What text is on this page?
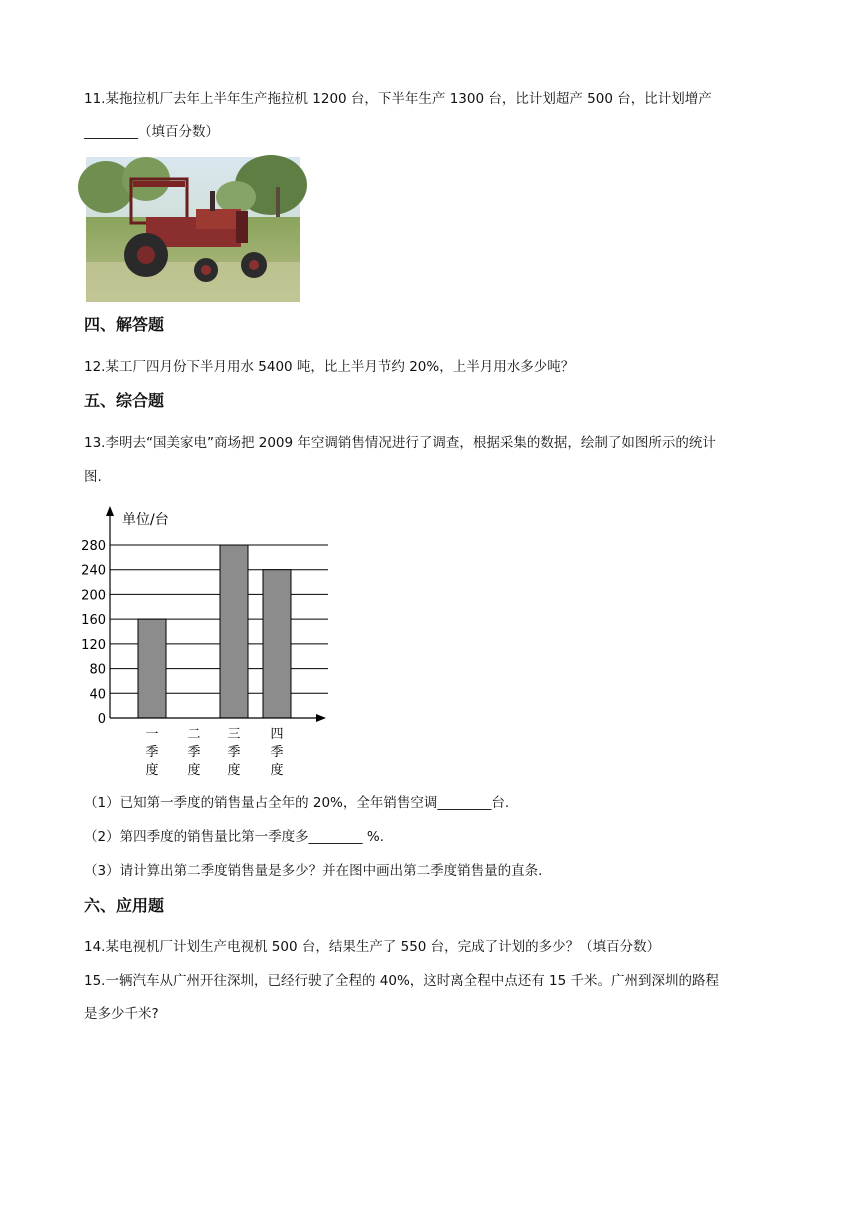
11.某拖拉机厂去年上半年生产拖拉机 1200 台，下半年生产 1300 台，比计划超产 500 台，比计划增产
________（填百分数）
四、解答题
12.某工厂四月份下半月用水 5400 吨，比上半月节约 20%，上半月用水多少吨？
五、综合题
13.李明去“国美家电”商场把 2009 年空调销售情况进行了调查，根据采集的数据，绘制了如图所示的统计
图.
0
40
80
120
160
200
240
280
单位/台
一
季
度
二
季
度
三
季
度
四
季
度
（1）已知第一季度的销售量占全年的 20%，全年销售空调________台.
（2）第四季度的销售量比第一季度多________ %.
（3）请计算出第二季度销售量是多少？并在图中画出第二季度销售量的直条.
六、应用题
14.某电视机厂计划生产电视机 500 台，结果生产了 550 台，完成了计划的多少？（填百分数）
15.一辆汽车从广州开往深圳，已经行驶了全程的 40%，这时离全程中点还有 15 千米。广州到深圳的路程
是多少千米?
